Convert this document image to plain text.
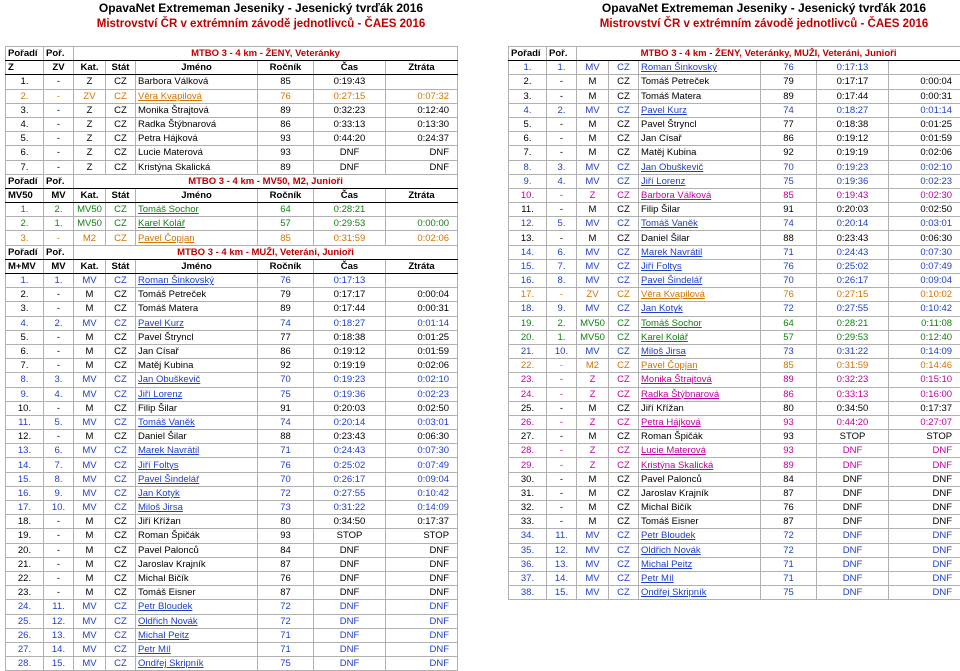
OpavaNet Extrememan Jeseniky - Jesenický tvrďák 2016
Mistrovství ČR v extrémním závodě jednotlivců - ČAES 2016
Pořadí	Poř.	MTBO 3 - 4 km - ŽENY, Veteránky					
Z	ZV	Kat.	Stát	Jméno	Ročník	Čas	Ztráta
1.	-	Z	CZ	Barbora Válková	85	0:19:43	
2.	-	ZV	CZ	Věra Kvapilová	76	0:27:15	0:07:32
3.	-	Z	CZ	Monika Štrajtová	89	0:32:23	0:12:40
4.	-	Z	CZ	Radka Štýbnarová	86	0:33:13	0:13:30
5.	-	Z	CZ	Petra Hájková	93	0:44:20	0:24:37
6.	-	Z	CZ	Lucie Materová	93	DNF	DNF
7.	-	Z	CZ	Kristýna Skalická	89	DNF	DNF
Pořadí	Poř.	MTBO 3 - 4 km - MV50, M2, Junioři					
MV50	MV	Kat.	Stát	Jméno	Ročník	Čas	Ztráta
1.	2.	MV50	CZ	Tomáš Sochor	64	0:28:21	
2.	1.	MV50	CZ	Karel Kolář	57	0:29:53	0:00:00
3.	-	M2	CZ	Pavel Čopjan	85	0:31:59	0:02:06
Pořadí	Poř.	MTBO 3 - 4 km - MUŽI, Veteráni, Junioři					
M+MV	MV	Kat.	Stát	Jméno	Ročník	Čas	Ztráta
1.	1.	MV	CZ	Roman Šinkovský	76	0:17:13	
2.	-	M	CZ	Tomáš Petreček	79	0:17:17	0:00:04
3.	-	M	CZ	Tomáš Matera	89	0:17:44	0:00:31
4.	2.	MV	CZ	Pavel Kurz	74	0:18:27	0:01:14
5.	-	M	CZ	Pavel Štryncl	77	0:18:38	0:01:25
6.	-	M	CZ	Jan Císař	86	0:19:12	0:01:59
7.	-	M	CZ	Matěj Kubina	92	0:19:19	0:02:06
8.	3.	MV	CZ	Jan Obuškevič	70	0:19:23	0:02:10
9.	4.	MV	CZ	Jiří Lorenz	75	0:19:36	0:02:23
10.	-	M	CZ	Filip Šilar	91	0:20:03	0:02:50
11.	5.	MV	CZ	Tomáš Vaněk	74	0:20:14	0:03:01
12.	-	M	CZ	Daniel Šilar	88	0:23:43	0:06:30
13.	6.	MV	CZ	Marek Navrátil	71	0:24:43	0:07:30
14.	7.	MV	CZ	Jiří Foltys	76	0:25:02	0:07:49
15.	8.	MV	CZ	Pavel Šindelář	70	0:26:17	0:09:04
16.	9.	MV	CZ	Jan Kotyk	72	0:27:55	0:10:42
17.	10.	MV	CZ	Miloš Jirsa	73	0:31:22	0:14:09
18.	-	M	CZ	Jiří Křížan	80	0:34:50	0:17:37
19.	-	M	CZ	Roman Špičák	93	STOP	STOP
20.	-	M	CZ	Pavel Palonců	84	DNF	DNF
21.	-	M	CZ	Jaroslav Krajník	87	DNF	DNF
22.	-	M	CZ	Michal Bičík	76	DNF	DNF
23.	-	M	CZ	Tomáš Eisner	87	DNF	DNF
24.	11.	MV	CZ	Petr Bloudek	72	DNF	DNF
25.	12.	MV	CZ	Oldřich Novák	72	DNF	DNF
26.	13.	MV	CZ	Michal Peitz	71	DNF	DNF
27.	14.	MV	CZ	Petr Míl	71	DNF	DNF
28.	15.	MV	CZ	Ondřej Skripník	75	DNF	DNF
OpavaNet Extrememan Jeseniky - Jesenický tvrďák 2016
Mistrovství ČR v extrémním závodě jednotlivců - ČAES 2016
Pořadí	Poř.	MTBO 3 - 4 km - ŽENY, Veteránky, MUŽI, Veteráni, Junioři					
1.	1.	MV	CZ	Roman Šinkovský	76	0:17:13	
2.	-	M	CZ	Tomáš Petreček	79	0:17:17	0:00:04
3.	-	M	CZ	Tomáš Matera	89	0:17:44	0:00:31
4.	2.	MV	CZ	Pavel Kurz	74	0:18:27	0:01:14
5.	-	M	CZ	Pavel Štryncl	77	0:18:38	0:01:25
6.	-	M	CZ	Jan Císař	86	0:19:12	0:01:59
7.	-	M	CZ	Matěj Kubina	92	0:19:19	0:02:06
8.	3.	MV	CZ	Jan Obuškevič	70	0:19:23	0:02:10
9.	4.	MV	CZ	Jiří Lorenz	75	0:19:36	0:02:23
10.	-	Z	CZ	Barbora Válková	85	0:19:43	0:02:30
11.	-	M	CZ	Filip Šilar	91	0:20:03	0:02:50
12.	5.	MV	CZ	Tomáš Vaněk	74	0:20:14	0:03:01
13.	-	M	CZ	Daniel Šilar	88	0:23:43	0:06:30
14.	6.	MV	CZ	Marek Navrátil	71	0:24:43	0:07:30
15.	7.	MV	CZ	Jiří Foltys	76	0:25:02	0:07:49
16.	8.	MV	CZ	Pavel Šindelář	70	0:26:17	0:09:04
17.	-	ZV	CZ	Věra Kvapilová	76	0:27:15	0:10:02
18.	9.	MV	CZ	Jan Kotyk	72	0:27:55	0:10:42
19.	2.	MV50	CZ	Tomáš Sochor	64	0:28:21	0:11:08
20.	1.	MV50	CZ	Karel Kolář	57	0:29:53	0:12:40
21.	10.	MV	CZ	Miloš Jirsa	73	0:31:22	0:14:09
22.	-	M2	CZ	Pavel Čopjan	85	0:31:59	0:14:46
23.	-	Z	CZ	Monika Štrajtová	89	0:32:23	0:15:10
24.	-	Z	CZ	Radka Štýbnarová	86	0:33:13	0:16:00
25.	-	M	CZ	Jiří Křížan	80	0:34:50	0:17:37
26.	-	Z	CZ	Petra Hájková	93	0:44:20	0:27:07
27.	-	M	CZ	Roman Špičák	93	STOP	STOP
28.	-	Z	CZ	Lucie Materová	93	DNF	DNF
29.	-	Z	CZ	Kristýna Skalická	89	DNF	DNF
30.	-	M	CZ	Pavel Palonců	84	DNF	DNF
31.	-	M	CZ	Jaroslav Krajník	87	DNF	DNF
32.	-	M	CZ	Michal Bičík	76	DNF	DNF
33.	-	M	CZ	Tomáš Eisner	87	DNF	DNF
34.	11.	MV	CZ	Petr Bloudek	72	DNF	DNF
35.	12.	MV	CZ	Oldřich Novák	72	DNF	DNF
36.	13.	MV	CZ	Michal Peitz	71	DNF	DNF
37.	14.	MV	CZ	Petr Míl	71	DNF	DNF
38.	15.	MV	CZ	Ondřej Skripník	75	DNF	DNF
